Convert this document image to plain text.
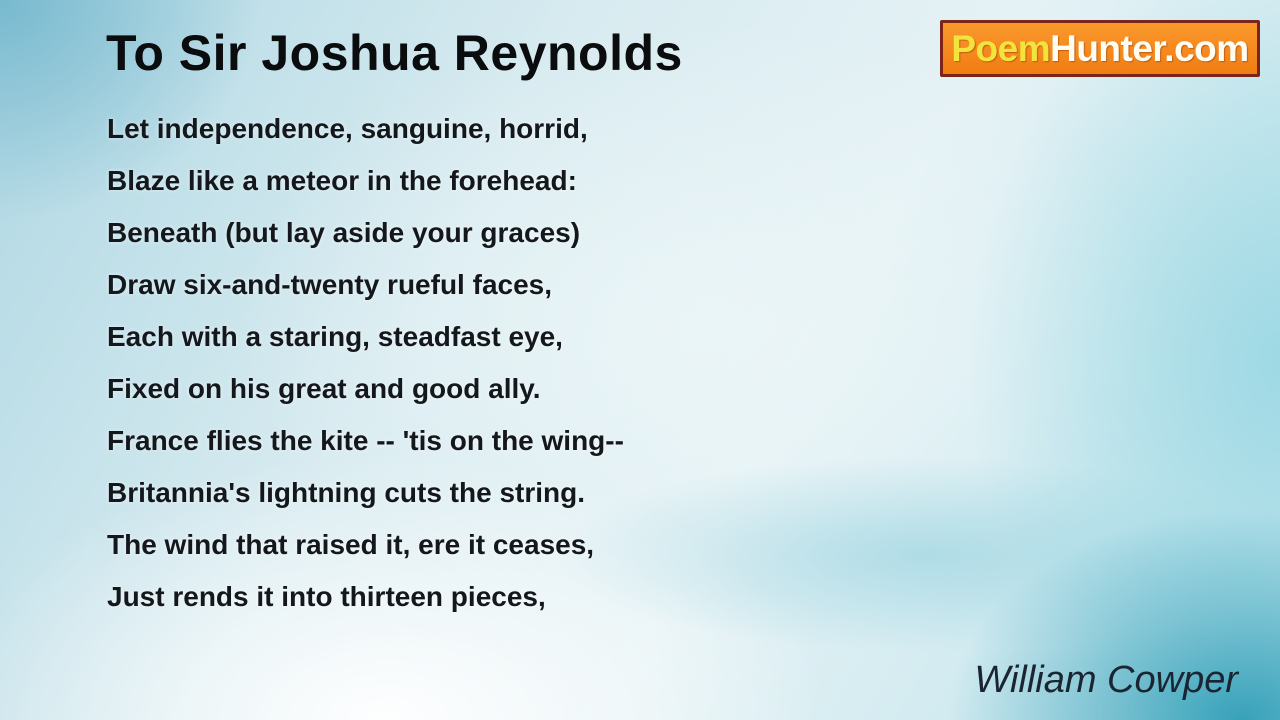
To Sir Joshua Reynolds	Poem Hunter.com
Let independence, sanguine, horrid,
Blaze like a meteor in the forehead:
Beneath (but lay aside your graces)
Draw six-and-twenty rueful faces,
Each with a staring, steadfast eye,
Fixed on his great and good ally.
France flies the kite -- 'tis on the wing--
Britannia's lightning cuts the string.
The wind that raised it, ere it ceases,
Just rends it into thirteen pieces,
William Cowper
